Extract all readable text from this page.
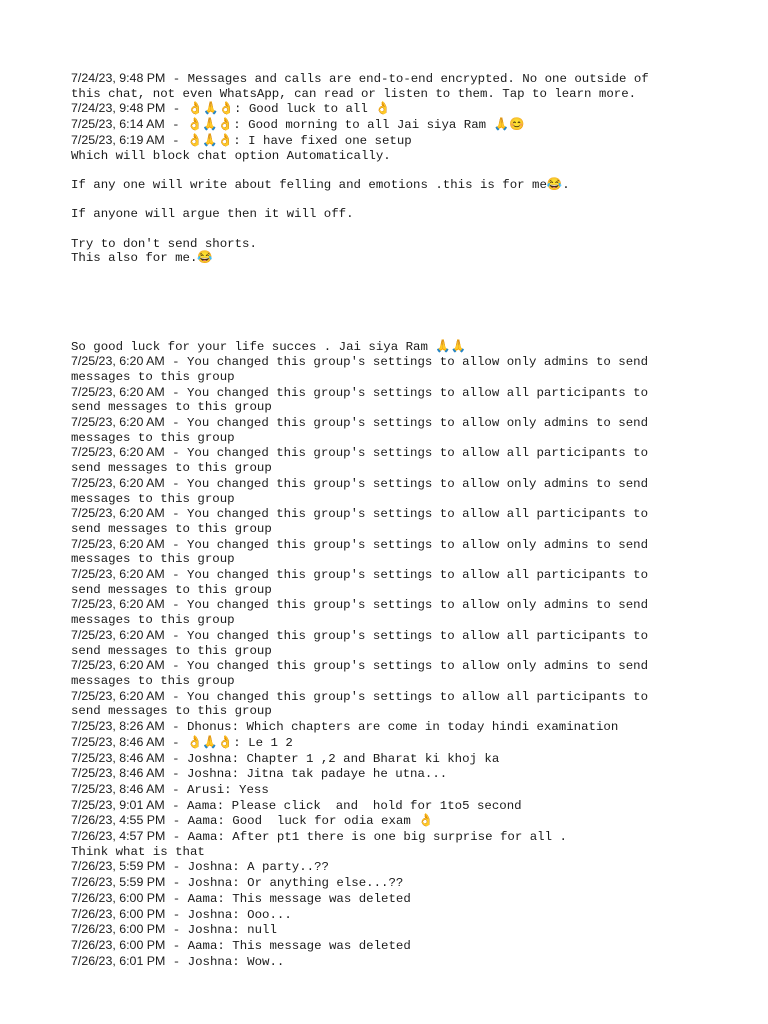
7/24/23, 9:48 PM - Messages and calls are end-to-end encrypted. No one outside of
this chat, not even WhatsApp, can read or listen to them. Tap to learn more.
7/24/23, 9:48 PM - 👌🙏👌: Good luck to all 👌
7/25/23, 6:14 AM - 👌🙏👌: Good morning to all Jai siya Ram 🙏😊
7/25/23, 6:19 AM - 👌🙏👌: I have fixed one setup
Which will block chat option Automatically.
If any one will write about felling and emotions .this is for me😂.
If anyone will argue then it will off.
Try to don't send shorts.
This also for me.😂
So good luck for your life succes . Jai siya Ram 🙏🙏
7/25/23, 6:20 AM - You changed this group's settings to allow only admins to send
messages to this group
7/25/23, 6:20 AM - You changed this group's settings to allow all participants to
send messages to this group
7/25/23, 6:20 AM - You changed this group's settings to allow only admins to send
messages to this group
7/25/23, 6:20 AM - You changed this group's settings to allow all participants to
send messages to this group
7/25/23, 6:20 AM - You changed this group's settings to allow only admins to send
messages to this group
7/25/23, 6:20 AM - You changed this group's settings to allow all participants to
send messages to this group
7/25/23, 6:20 AM - You changed this group's settings to allow only admins to send
messages to this group
7/25/23, 6:20 AM - You changed this group's settings to allow all participants to
send messages to this group
7/25/23, 6:20 AM - You changed this group's settings to allow only admins to send
messages to this group
7/25/23, 6:20 AM - You changed this group's settings to allow all participants to
send messages to this group
7/25/23, 6:20 AM - You changed this group's settings to allow only admins to send
messages to this group
7/25/23, 6:20 AM - You changed this group's settings to allow all participants to
send messages to this group
7/25/23, 8:26 AM - Dhonus: Which chapters are come in today hindi examination
7/25/23, 8:46 AM - 👌🙏👌: Le 1 2
7/25/23, 8:46 AM - Joshna: Chapter 1 ,2 and Bharat ki khoj ka
7/25/23, 8:46 AM - Joshna: Jitna tak padaye he utna...
7/25/23, 8:46 AM - Arusi: Yess
7/25/23, 9:01 AM - Aama: Please click  and  hold for 1to5 second
7/26/23, 4:55 PM - Aama: Good  luck for odia exam 👌
7/26/23, 4:57 PM - Aama: After pt1 there is one big surprise for all .
Think what is that
7/26/23, 5:59 PM - Joshna: A party..??
7/26/23, 5:59 PM - Joshna: Or anything else...??
7/26/23, 6:00 PM - Aama: This message was deleted
7/26/23, 6:00 PM - Joshna: Ooo...
7/26/23, 6:00 PM - Joshna: null
7/26/23, 6:00 PM - Aama: This message was deleted
7/26/23, 6:01 PM - Joshna: Wow..
